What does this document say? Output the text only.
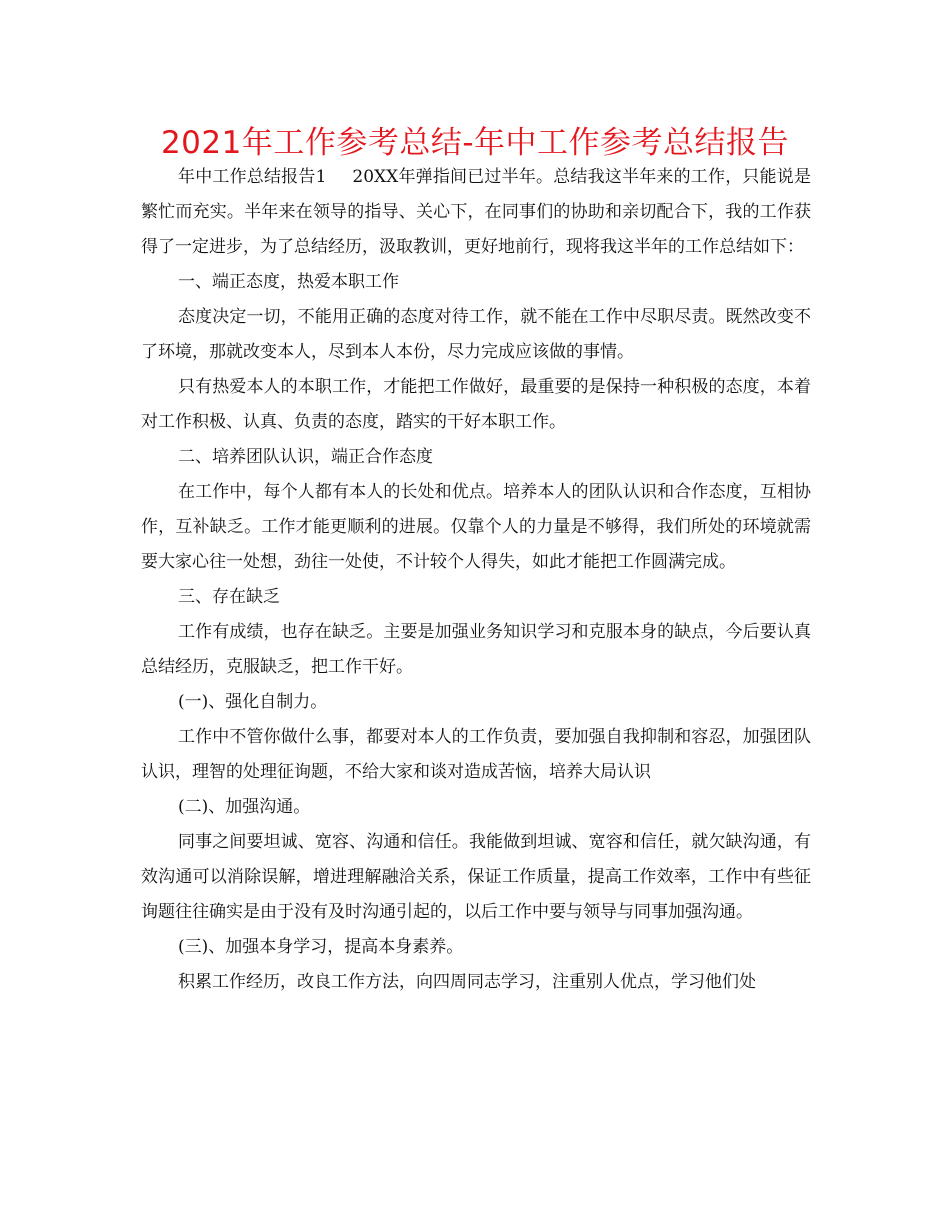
2021年工作参考总结-年中工作参考总结报告

年中工作总结报告1 20XX年弹指间已过半年。总结我这半年来的工作，只能说是繁忙而充实。半年来在领导的指导、关心下，在同事们的协助和亲切配合下，我的工作获得了一定进步，为了总结经历，汲取教训，更好地前行，现将我这半年的工作总结如下：

一、端正态度，热爱本职工作

态度决定一切，不能用正确的态度对待工作，就不能在工作中尽职尽责。既然改变不了环境，那就改变本人，尽到本人本份，尽力完成应该做的事情。

只有热爱本人的本职工作，才能把工作做好，最重要的是保持一种积极的态度，本着对工作积极、认真、负责的态度，踏实的干好本职工作。

二、培养团队认识，端正合作态度

在工作中，每个人都有本人的长处和优点。培养本人的团队认识和合作态度，互相协作，互补缺乏。工作才能更顺利的进展。仅靠个人的力量是不够得，我们所处的环境就需要大家心往一处想，劲往一处使，不计较个人得失，如此才能把工作圆满完成。

三、存在缺乏

工作有成绩，也存在缺乏。主要是加强业务知识学习和克服本身的缺点，今后要认真总结经历，克服缺乏，把工作干好。

(一)、强化自制力。

工作中不管你做什么事，都要对本人的工作负责，要加强自我抑制和容忍，加强团队认识，理智的处理征询题，不给大家和谈对造成苦恼，培养大局认识

(二)、加强沟通。

同事之间要坦诚、宽容、沟通和信任。我能做到坦诚、宽容和信任，就欠缺沟通，有效沟通可以消除误解，增进理解融洽关系，保证工作质量，提高工作效率，工作中有些征询题往往确实是由于没有及时沟通引起的，以后工作中要与领导与同事加强沟通。

(三)、加强本身学习，提高本身素养。

积累工作经历，改良工作方法，向四周同志学习，注重别人优点，学习他们处
